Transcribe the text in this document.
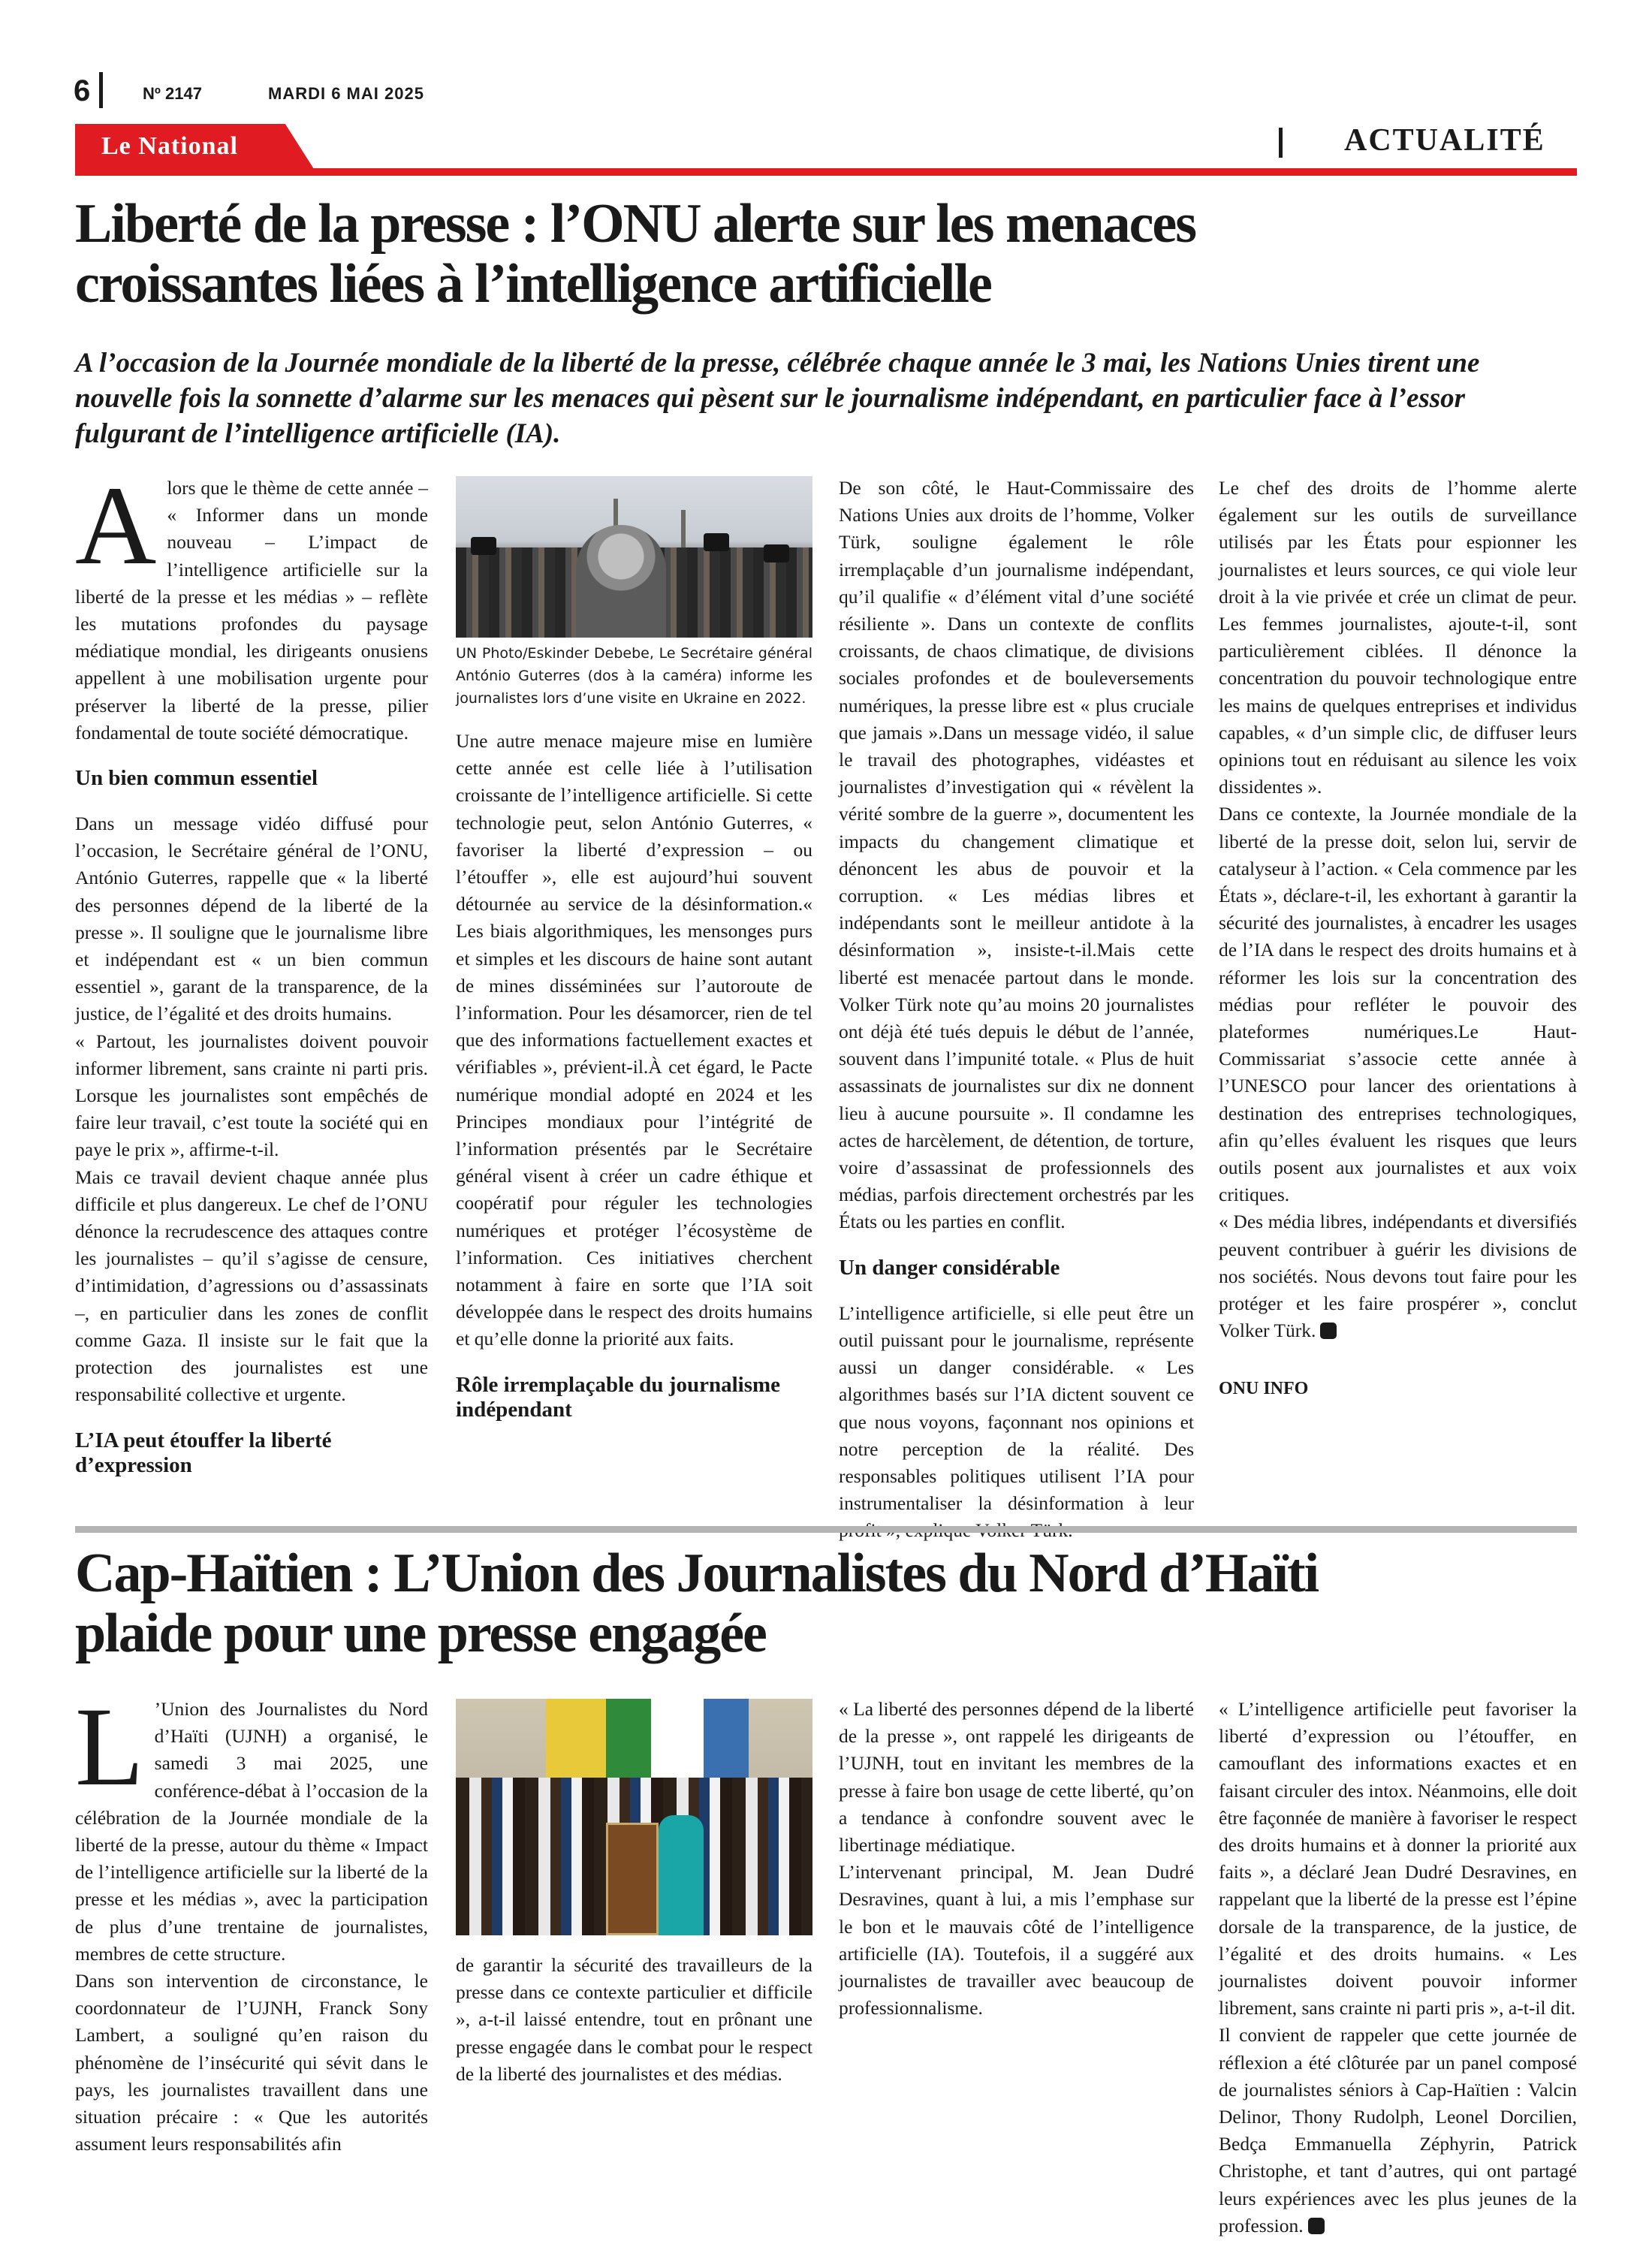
6	Nº 2147	MARDI 6 MAI 2025
Le National	ACTUALITÉ
Liberté de la presse : l’ONU alerte sur les menaces
croissantes liées à l’intelligence artificielle
A l’occasion de la Journée mondiale de la liberté de la presse, célébrée chaque année le 3 mai, les Nations Unies tirent une nouvelle fois la sonnette d’alarme sur les menaces qui pèsent sur le journalisme indépendant, en particulier face à l’essor fulgurant de l’intelligence artificielle (IA).
A lors que le thème de cette année – « Informer dans un monde nouveau – L’impact de l’intelligence artificielle sur la liberté de la presse et les médias » – reflète les mutations profondes du paysage médiatique mondial, les dirigeants onusiens appellent à une mobilisation urgente pour préserver la liberté de la presse, pilier fondamental de toute société démocratique.

Un bien commun essentiel

Dans un message vidéo diffusé pour l’occasion, le Secrétaire général de l’ONU, António Guterres, rappelle que « la liberté des personnes dépend de la liberté de la presse ». Il souligne que le journalisme libre et indépendant est « un bien commun essentiel », garant de la transparence, de la justice, de l’égalité et des droits humains.

« Partout, les journalistes doivent pouvoir informer librement, sans crainte ni parti pris. Lorsque les journalistes sont empêchés de faire leur travail, c’est toute la société qui en paye le prix », affirme-t-il.

Mais ce travail devient chaque année plus difficile et plus dangereux. Le chef de l’ONU dénonce la recrudescence des attaques contre les journalistes – qu’il s’agisse de censure, d’intimidation, d’agressions ou d’assassinats –, en particulier dans les zones de conflit comme Gaza. Il insiste sur le fait que la protection des journalistes est une responsabilité collective et urgente.

L’IA peut étouffer la liberté d’expression
UN Photo/Eskinder Debebe, Le Secrétaire général António Guterres (dos à la caméra) informe les journalistes lors d’une visite en Ukraine en 2022.

Une autre menace majeure mise en lumière cette année est celle liée à l’utilisation croissante de l’intelligence artificielle. Si cette technologie peut, selon António Guterres, « favoriser la liberté d’expression – ou l’étouffer », elle est aujourd’hui souvent détournée au service de la désinformation.« Les biais algorithmiques, les mensonges purs et simples et les discours de haine sont autant de mines disséminées sur l’autoroute de l’information. Pour les désamorcer, rien de tel que des informations factuellement exactes et vérifiables », prévient-il.À cet égard, le Pacte numérique mondial adopté en 2024 et les Principes mondiaux pour l’intégrité de l’information présentés par le Secrétaire général visent à créer un cadre éthique et coopératif pour réguler les technologies numériques et protéger l’écosystème de l’information. Ces initiatives cherchent notamment à faire en sorte que l’IA soit développée dans le respect des droits humains et qu’elle donne la priorité aux faits.

Rôle irremplaçable du journalisme indépendant

De son côté, le Haut-Commissaire des Nations Unies aux droits de l’homme, Volker Türk, souligne également le rôle irremplaçable d’un journalisme indépendant, qu’il qualifie « d’élément vital d’une société résiliente ». Dans un contexte de conflits croissants, de chaos climatique, de divisions sociales profondes et de bouleversements numériques, la presse libre est « plus cruciale que jamais ».Dans un message vidéo, il salue le travail des photographes, vidéastes et journalistes d’investigation qui « révèlent la vérité sombre de la guerre », documentent les impacts du changement climatique et dénoncent les abus de pouvoir et la corruption. « Les médias libres et indépendants sont le meilleur antidote à la désinformation », insiste-t-il.Mais cette liberté est menacée partout dans le monde. Volker Türk note qu’au moins 20 journalistes ont déjà été tués depuis le début de l’année, souvent dans l’impunité totale. « Plus de huit assassinats de journalistes sur dix ne donnent lieu à aucune poursuite ». Il condamne les actes de harcèlement, de détention, de torture, voire d’assassinat de professionnels des médias, parfois directement orchestrés par les États ou les parties en conflit.

Un danger considérable

L’intelligence artificielle, si elle peut être un outil puissant pour le journalisme, représente aussi un danger considérable. « Les algorithmes basés sur l’IA dictent souvent ce que nous voyons, façonnant nos opinions et notre perception de la réalité. Des responsables politiques utilisent l’IA pour instrumentaliser la désinformation à leur

Le chef des droits de l’homme alerte également sur les outils de surveillance utilisés par les États pour espionner les journalistes et leurs sources, ce qui viole leur droit à la vie privée et crée un climat de peur. Les femmes journalistes, ajoute-t-il, sont particulièrement ciblées. Il dénonce la concentration du pouvoir technologique entre les mains de quelques entreprises et individus capables, « d’un simple clic, de diffuser leurs opinions tout en réduisant au silence les voix dissidentes ».

Dans ce contexte, la Journée mondiale de la liberté de la presse doit, selon lui, servir de catalyseur à l’action. « Cela commence par les États », déclare-t-il, les exhortant à garantir la sécurité des journalistes, à encadrer les usages de l’IA dans le respect des droits humains et à réformer les lois sur la concentration des médias pour refléter le pouvoir des plateformes numériques.Le Haut-Commissariat s’associe cette année à l’UNESCO pour lancer des orientations à destination des entreprises technologiques, afin qu’elles évaluent les risques que leurs outils posent aux journalistes et aux voix critiques.

« Des média libres, indépendants et diversifiés peuvent contribuer à guérir les divisions de nos sociétés. Nous devons tout faire pour les protéger et les faire prospérer », conclut Volker Türk.

ONU INFO
Cap-Haïtien : L’Union des Journalistes du Nord d’Haïti
plaide pour une presse engagée
L ’Union des Journalistes du Nord d’Haïti (UJNH) a organisé, le samedi 3 mai 2025, une conférence-débat à l’occasion de la célébration de la Journée mondiale de la liberté de la presse, autour du thème « Impact de l’intelligence artificielle sur la liberté de la presse et les médias », avec la participation de plus d’une trentaine de journalistes, membres de cette structure.

Dans son intervention de circonstance, le coordonnateur de l’UJNH, Franck Sony Lambert, a souligné qu’en raison du phénomène de l’insécurité qui sévit dans le pays, les journalistes travaillent dans une situation précaire : « Que les autorités assument leurs responsabilités afin

de garantir la sécurité des travailleurs de la presse dans ce contexte particulier et difficile », a-t-il laissé entendre, tout en prônant une presse engagée dans le combat pour le respect de la liberté des journalistes et des médias.

« La liberté des personnes dépend de la liberté de la presse », ont rappelé les dirigeants de l’UJNH, tout en invitant les membres de la presse à faire bon usage de cette liberté, qu’on a tendance à confondre souvent avec le libertinage médiatique.

L’intervenant principal, M. Jean Dudré Desravines, quant à lui, a mis l’emphase sur le bon et le mauvais côté de l’intelligence artificielle (IA). Toutefois, il a suggéré aux journalistes de travailler avec beaucoup de professionnalisme.

« L’intelligence artificielle peut favoriser la liberté d’expression ou l’étouffer, en camouflant des informations exactes et en faisant circuler des intox. Néanmoins, elle doit être façonnée de manière à favoriser le respect des droits humains et à donner la priorité aux faits », a déclaré Jean Dudré Desravines, en rappelant que la liberté de la presse est l’épine dorsale de la transparence, de la justice, de l’égalité et des droits humains. « Les journalistes doivent pouvoir informer librement, sans crainte ni parti pris », a-t-il dit.

Il convient de rappeler que cette journée de réflexion a été clôturée par un panel composé de journalistes séniors à Cap-Haïtien : Valcin Delinor, Thony Rudolph, Leonel Dorcilien, Bedça Emmanuella Zéphyrin, Patrick Christophe, et tant d’autres, qui ont partagé leurs expériences avec les plus jeunes de la profession.
